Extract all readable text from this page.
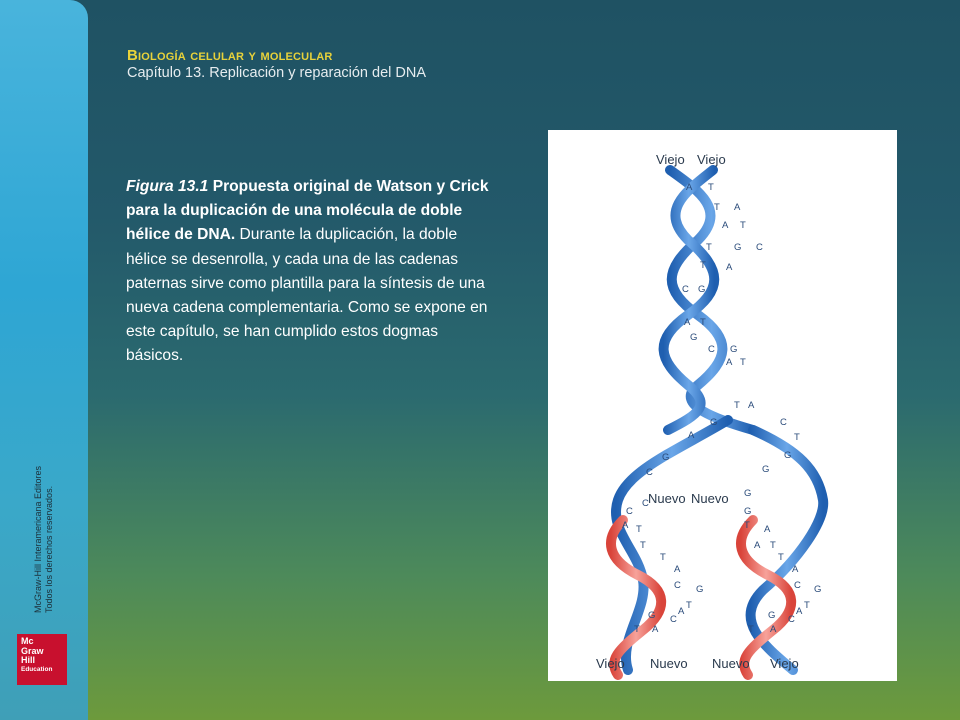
McGraw-Hill Interamericana Editores Todos los derechos reservados.
Mc
Graw
Hill
Education
Biología celular y molecular
Capítulo 13. Replicación y reparación del DNA
Figura 13.1 Propuesta original de Watson y Crick para la duplicación de una molécula de doble hélice de DNA. Durante la duplicación, la doble hélice se desenrolla, y cada una de las cadenas paternas sirve como plantilla para la síntesis de una nueva cadena complementaria. Como se expone en este capítulo, se han cumplido estos dogmas básicos.
A T
T A
A T
T G C
T A
C G
A T
G
C G
A T
T A
G	C
A	T
G	G
C	G
C
G
A	T
T	A
T	A T
T	T
A	A
C	C
G	G
A	A
T	T
G	G
C	C
T	T
A	A
C	G
Viejo Viejo
Nuevo Nuevo
Viejo Nuevo Nuevo Viejo
